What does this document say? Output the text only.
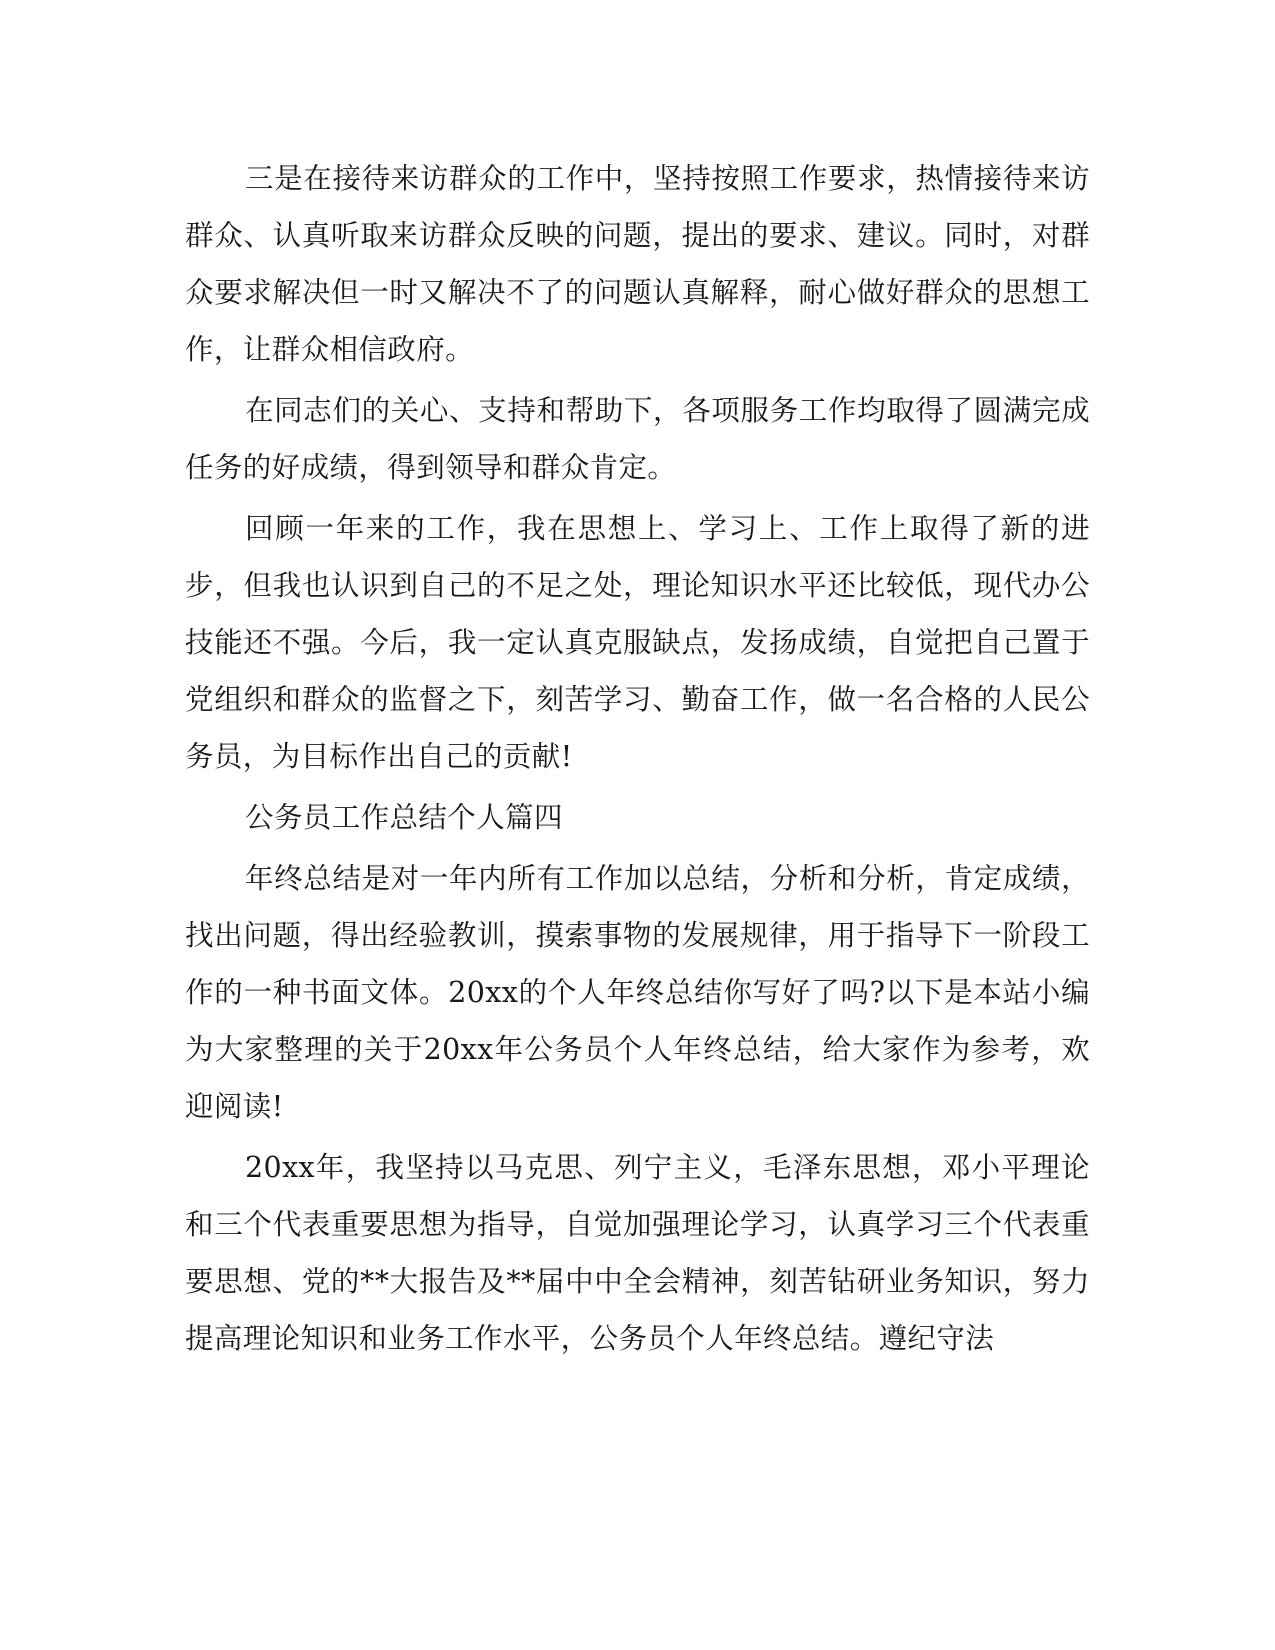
三是在接待来访群众的工作中，坚持按照工作要求，热情接待来访群众、认真听取来访群众反映的问题，提出的要求、建议。同时，对群众要求解决但一时又解决不了的问题认真解释，耐心做好群众的思想工作，让群众相信政府。

在同志们的关心、支持和帮助下，各项服务工作均取得了圆满完成任务的好成绩，得到领导和群众肯定。

回顾一年来的工作，我在思想上、学习上、工作上取得了新的进步，但我也认识到自己的不足之处，理论知识水平还比较低，现代办公技能还不强。今后，我一定认真克服缺点，发扬成绩，自觉把自己置于党组织和群众的监督之下，刻苦学习、勤奋工作，做一名合格的人民公务员，为目标作出自己的贡献!

公务员工作总结个人篇四

年终总结是对一年内所有工作加以总结，分析和分析，肯定成绩，找出问题，得出经验教训，摸索事物的发展规律，用于指导下一阶段工作的一种书面文体。20xx的个人年终总结你写好了吗?以下是本站小编为大家整理的关于20xx年公务员个人年终总结，给大家作为参考，欢迎阅读!

20xx年，我坚持以马克思、列宁主义，毛泽东思想，邓小平理论和三个代表重要思想为指导，自觉加强理论学习，认真学习三个代表重要思想、党的**大报告及**届中中全会精神，刻苦钻研业务知识，努力提高理论知识和业务工作水平，公务员个人年终总结。遵纪守法
